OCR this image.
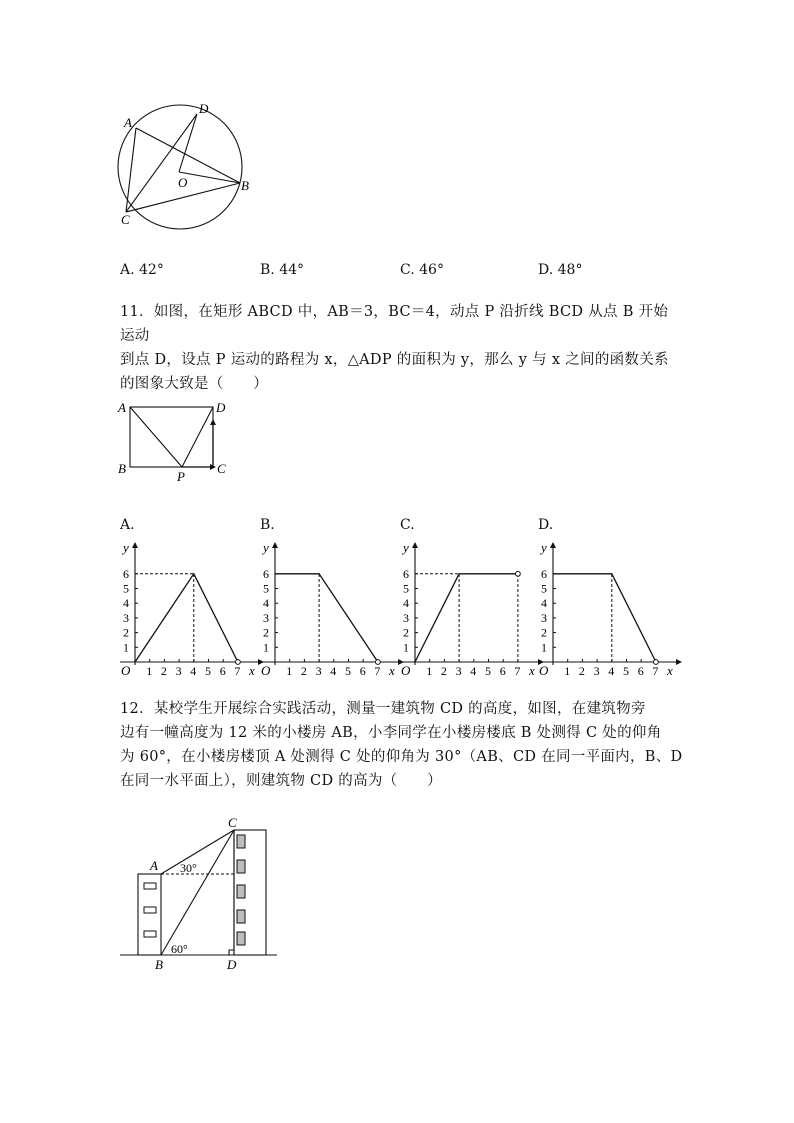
A
D
O	B
C
A. 42°	B. 44°	C. 46°	D. 48°
11．如图，在矩形 ABCD 中，AB＝3，BC＝4，动点 P 沿折线 BCD 从点 B 开始运动
到点 D，设点 P 运动的路程为 x，△ADP 的面积为 y，那么 y 与 x 之间的函数关系
的图象大致是（　　）
A	D
B
P
C
A.	B.	C.	D.
1 2 3 4 5 6 7
1
2
3
4
5
6
O	x
y
1 2 3 4 5 6 7
1
2
3
4
5
6
O	x
y
1 2 3 4 5 6 7
1
2
3
4
5
6
O	x
y
1 2 3 4 5 6 7
1
2
3
4
5
6
O	x
y
12．某校学生开展综合实践活动，测量一建筑物 CD 的高度，如图，在建筑物旁
边有一幢高度为 12 米的小楼房 AB，小李同学在小楼房楼底 B 处测得 C 处的仰角
为 60°，在小楼房楼顶 A 处测得 C 处的仰角为 30°（AB、CD 在同一平面内，B、D
在同一水平面上），则建筑物 CD 的高为（　　）
C
A
B	D
30°
60°
